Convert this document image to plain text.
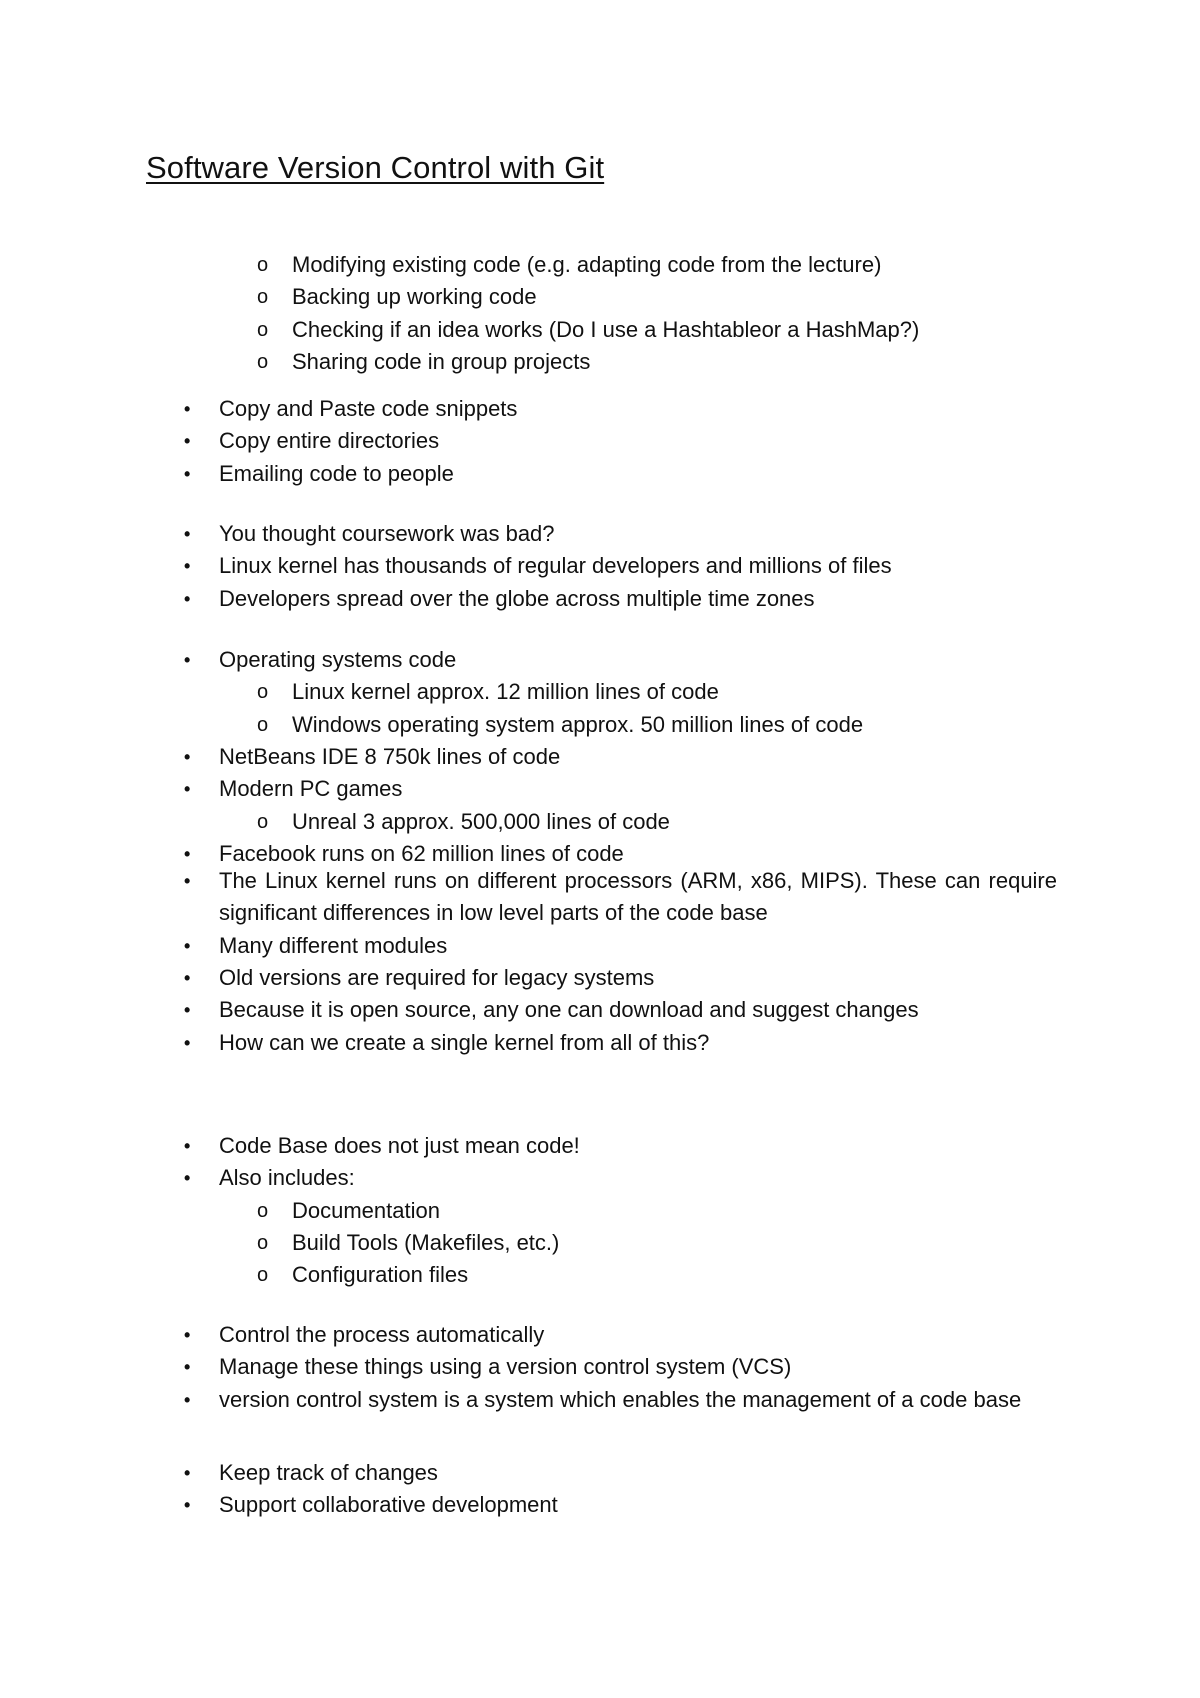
Software Version Control with Git
o Modifying existing code (e.g. adapting code from the lecture)
o Backing up working code
o Checking if an idea works (Do I use a Hashtableor a HashMap?)
o Sharing code in group projects
• Copy and Paste code snippets
• Copy entire directories
• Emailing code to people
• You thought coursework was bad?
• Linux kernel has thousands of regular developers and millions of files
• Developers spread over the globe across multiple time zones
• Operating systems code
o Linux kernel approx. 12 million lines of code
o Windows operating system approx. 50 million lines of code
• NetBeans IDE 8 750k lines of code
• Modern PC games
o Unreal 3 approx. 500,000 lines of code
• Facebook runs on 62 million lines of code
• The Linux kernel runs on different processors (ARM, x86, MIPS). These can require significant differences in low level parts of the code base
• Many different modules
• Old versions are required for legacy systems
• Because it is open source, any one can download and suggest changes
• How can we create a single kernel from all of this?
• Code Base does not just mean code!
• Also includes:
o Documentation
o Build Tools (Makefiles, etc.)
o Configuration files
• Control the process automatically
• Manage these things using a version control system (VCS)
• version control system is a system which enables the management of a code base
• Keep track of changes
• Support collaborative development
